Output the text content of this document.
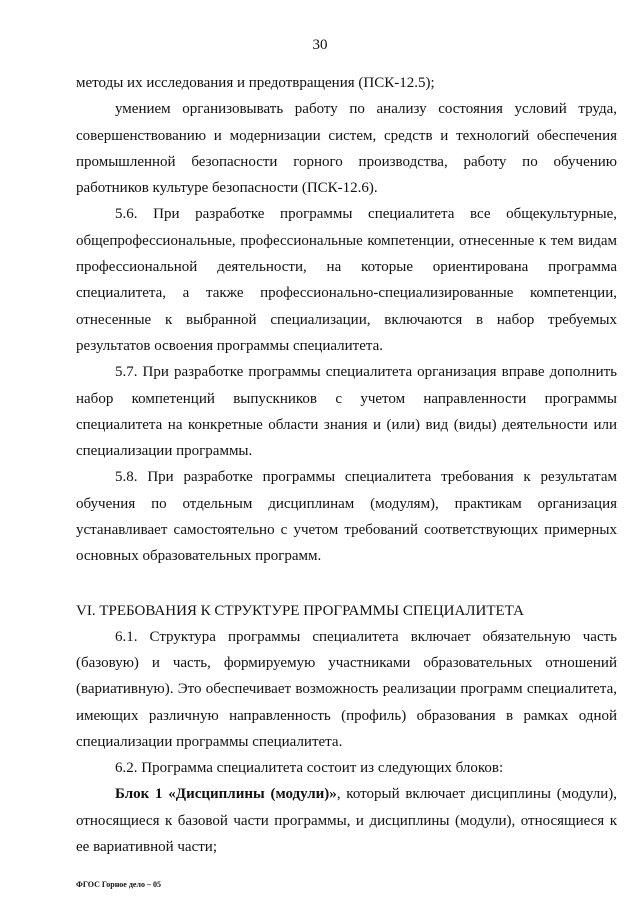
30

методы их исследования и предотвращения (ПСК-12.5);

умением организовывать работу по анализу состояния условий труда, совершенствованию и модернизации систем, средств и технологий обеспечения промышленной безопасности горного производства, работу по обучению работников культуре безопасности (ПСК-12.6).

5.6. При разработке программы специалитета все общекультурные, общепрофессиональные, профессиональные компетенции, отнесенные к тем видам профессиональной деятельности, на которые ориентирована программа специалитета, а также профессионально-специализированные компетенции, отнесенные к выбранной специализации, включаются в набор требуемых результатов освоения программы специалитета.

5.7. При разработке программы специалитета организация вправе дополнить набор компетенций выпускников с учетом направленности программы специалитета на конкретные области знания и (или) вид (виды) деятельности или специализации программы.

5.8. При разработке программы специалитета требования к результатам обучения по отдельным дисциплинам (модулям), практикам организация устанавливает самостоятельно с учетом требований соответствующих примерных основных образовательных программ.

VI. ТРЕБОВАНИЯ К СТРУКТУРЕ ПРОГРАММЫ СПЕЦИАЛИТЕТА

6.1. Структура программы специалитета включает обязательную часть (базовую) и часть, формируемую участниками образовательных отношений (вариативную). Это обеспечивает возможность реализации программ специалитета, имеющих различную направленность (профиль) образования в рамках одной специализации программы специалитета.

6.2. Программа специалитета состоит из следующих блоков:

Блок 1 «Дисциплины (модули)», который включает дисциплины (модули), относящиеся к базовой части программы, и дисциплины (модули), относящиеся к ее вариативной части;

ФГОС Горное дело – 05
